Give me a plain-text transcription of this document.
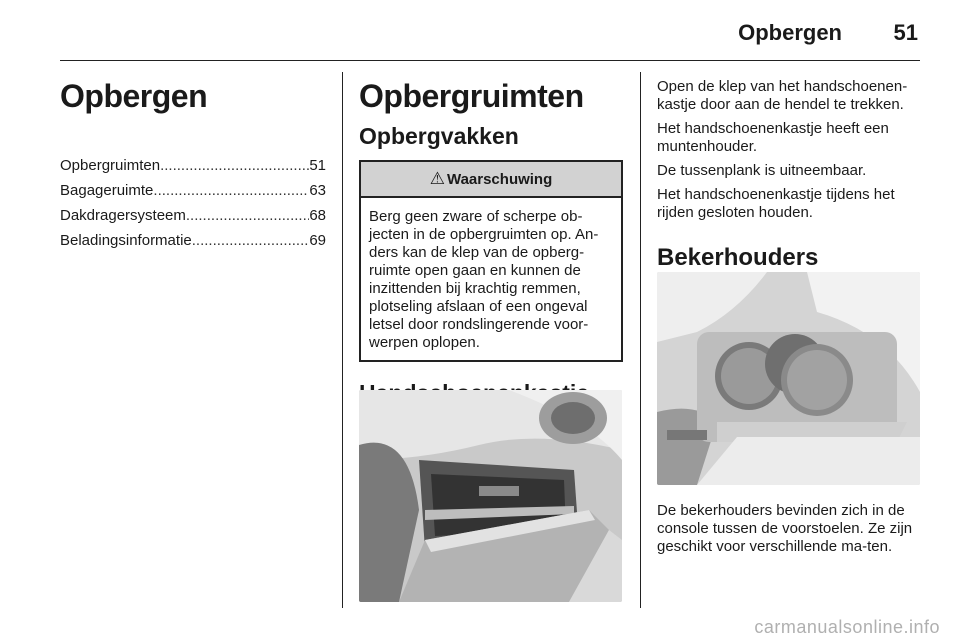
Opbergen 51
Opbergen
Opbergruimten .....	51
Bagageruimte .....	63
Dakdragersysteem .....	68
Beladingsinformatie .....	69
Opbergruimten
Opbergvakken
⚠ Waarschuwing
Berg geen zware of scherpe ob-jecten in de opbergruimten op. An-ders kan de klep van de opberg-ruimte open gaan en kunnen de inzittenden bij krachtig remmen, plotseling afslaan of een ongeval letsel door rondslingerende voor-werpen oplopen.

Open de klep van het handschoenen-kastje door aan de hendel te trekken.

Het handschoenenkastje heeft een muntenhouder.

De tussenplank is uitneembaar.

Het handschoenenkastje tijdens het rijden gesloten houden.

Bekerhouders

De bekerhouders bevinden zich in de console tussen de voorstoelen. Ze zijn geschikt voor verschillende ma-ten.

carmanualsonline.info
